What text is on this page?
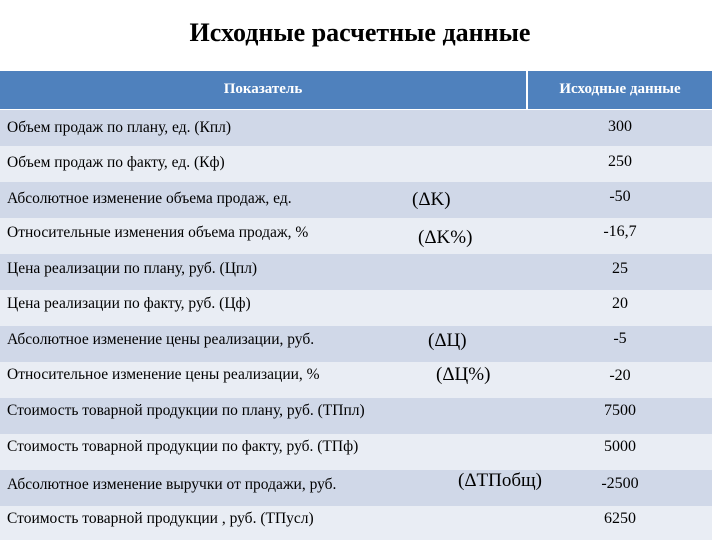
Исходные расчетные данные
Показатель	Исходные данные
Объем продаж по плану, ед. (Кпл)	300
Объем продаж по факту, ед. (Кф)	250
Абсолютное изменение объема продаж, ед.	(ΔK)	-50
Относительные изменения объема продаж, %	(ΔK%)	-16,7
Цена реализации по плану, руб. (Цпл)	25
Цена реализации по факту, руб. (Цф)	20
Абсолютное изменение цены реализации, руб.	(ΔЦ)	-5
Относительное изменение цены реализации, %	(ΔЦ%)	-20
Стоимость товарной продукции по плану, руб. (ТПпл)	7500
Стоимость товарной продукции по факту, руб. (ТПф)	5000
Абсолютное изменение выручки от продажи, руб.	(ΔТПобщ)	-2500
Стоимость товарной продукции , руб. (ТПусл)	6250
